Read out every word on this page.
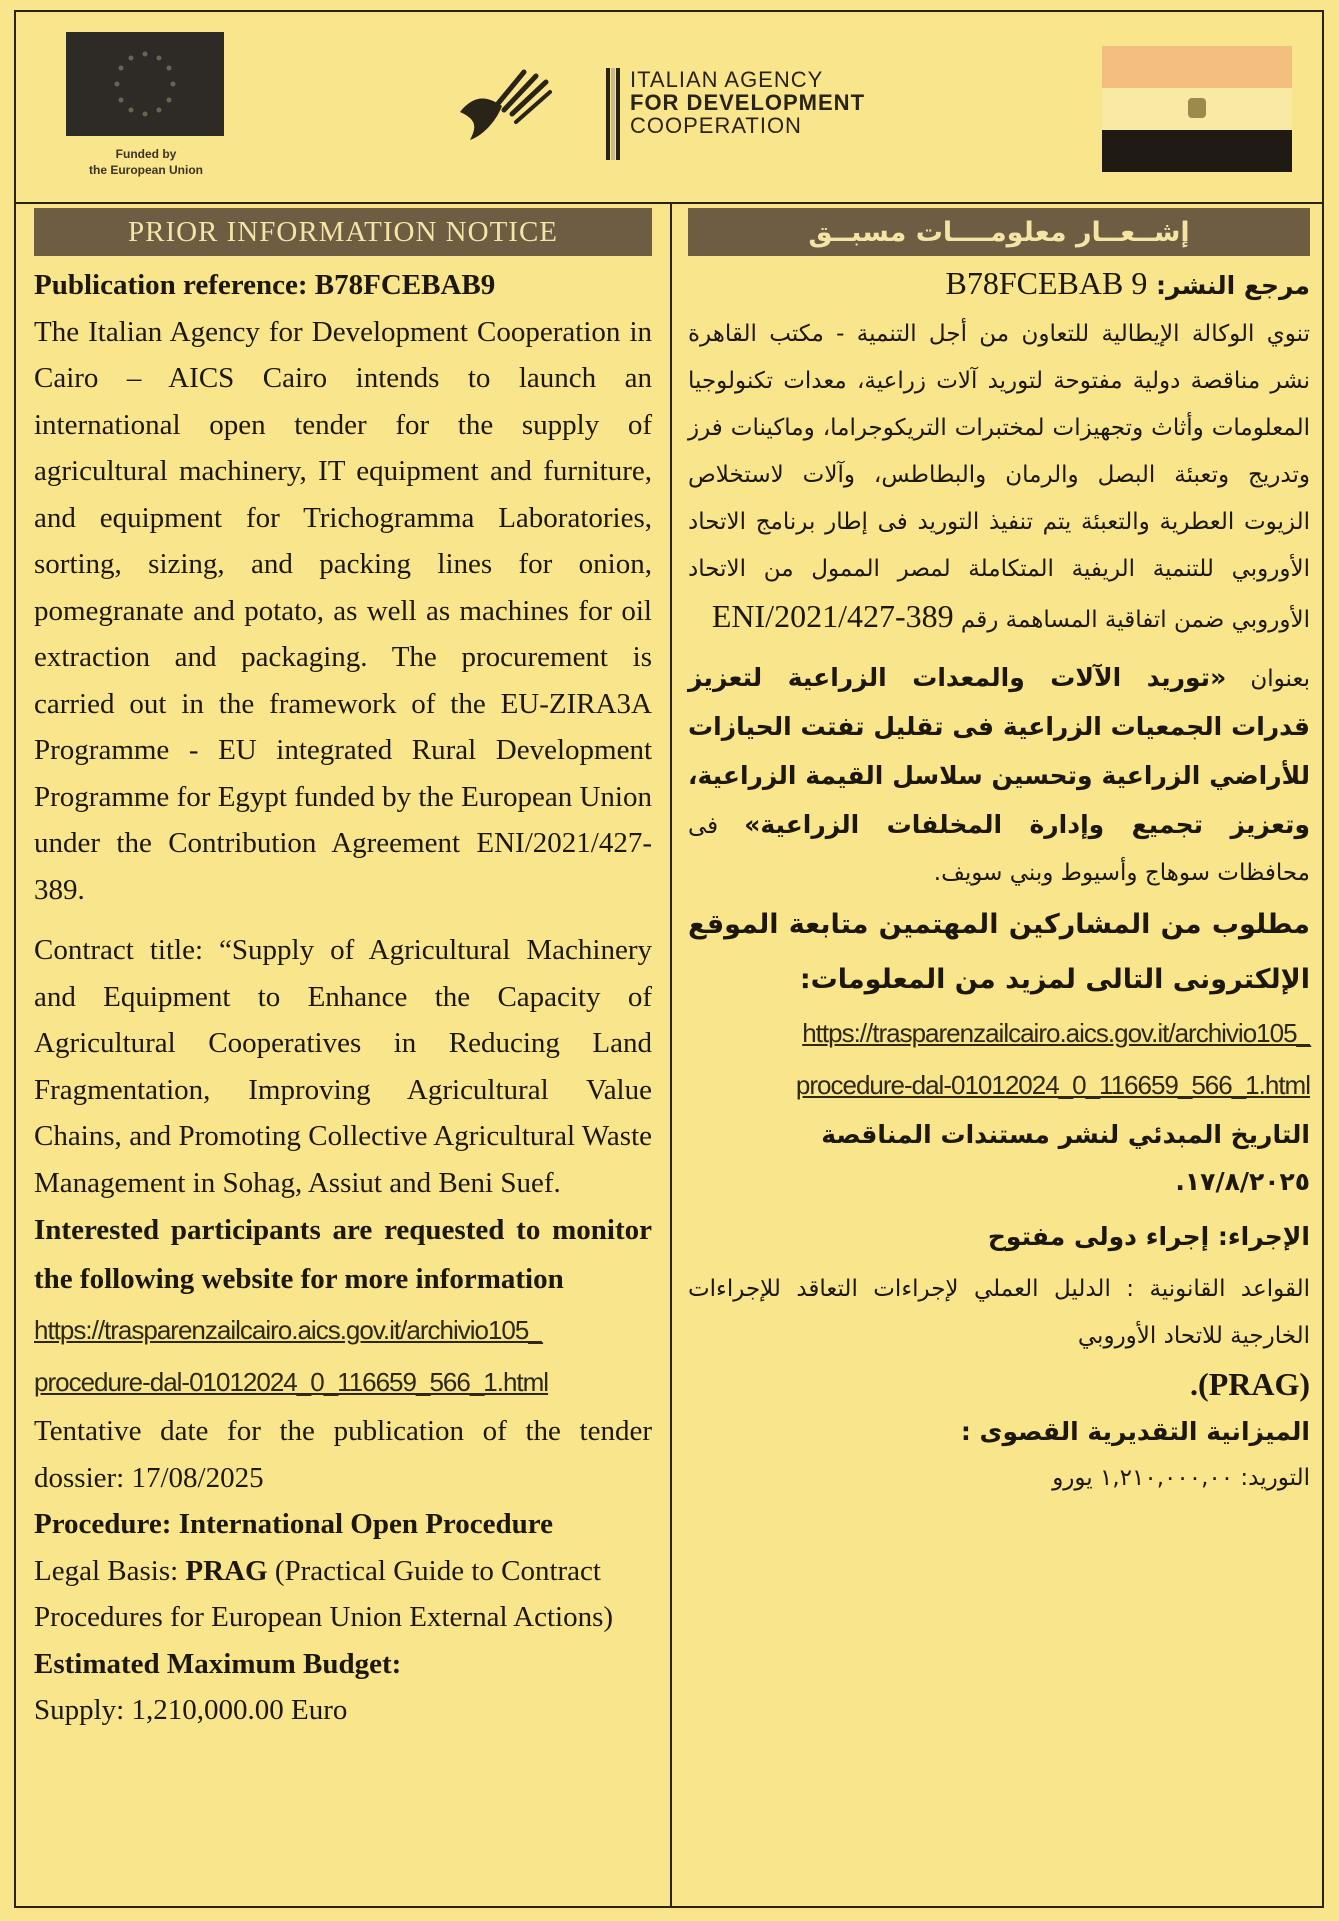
Funded by
the European Union
ITALIAN AGENCY
FOR DEVELOPMENT
COOPERATION
PRIOR INFORMATION NOTICE

Publication reference: B78FCEBAB9

The Italian Agency for Development Cooperation in Cairo – AICS Cairo intends to launch an international open tender for the supply of agricultural machinery, IT equipment and furniture, and equipment for Trichogramma Laboratories, sorting, sizing, and packing lines for onion, pomegranate and potato, as well as machines for oil extraction and packaging. The procurement is carried out in the framework of the EU-ZIRA3A Programme - EU integrated Rural Development Programme for Egypt funded by the European Union under the Contribution Agreement ENI/2021/427-389.

Contract title: “Supply of Agricultural Machinery and Equipment to Enhance the Capacity of Agricultural Cooperatives in Reducing Land Fragmentation, Improving Agricultural Value Chains, and Promoting Collective Agricultural Waste Management in Sohag, Assiut and Beni Suef.

Interested participants are requested to monitor the following website for more information

https://trasparenzailcairo.aics.gov.it/archivio105_
procedure-dal-01012024_0_116659_566_1.html

Tentative date for the publication of the tender dossier: 17/08/2025

Procedure: International Open Procedure

Legal Basis: PRAG (Practical Guide to Contract Procedures for European Union External Actions)

Estimated Maximum Budget:

Supply: 1,210,000.00 Euro

إشــعــار معلومــــات مسبــق

مرجع النشر: B78FCEBAB 9

تنوي الوكالة الإيطالية للتعاون من أجل التنمية - مكتب القاهرة نشر مناقصة دولية مفتوحة لتوريد آلات زراعية، معدات تكنولوجيا المعلومات وأثاث وتجهيزات لمختبرات التريكوجراما، وماكينات فرز وتدريج وتعبئة البصل والرمان والبطاطس، وآلات لاستخلاص الزيوت العطرية والتعبئة يتم تنفيذ التوريد فى إطار برنامج الاتحاد الأوروبي للتنمية الريفية المتكاملة لمصر الممول من الاتحاد الأوروبي ضمن اتفاقية المساهمة رقم ENI/2021/427-389

بعنوان «توريد الآلات والمعدات الزراعية لتعزيز قدرات الجمعيات الزراعية فى تقليل تفتت الحيازات للأراضي الزراعية وتحسين سلاسل القيمة الزراعية، وتعزيز تجميع وإدارة المخلفات الزراعية» فى محافظات سوهاج وأسيوط وبني سويف.

مطلوب من المشاركين المهتمين متابعة الموقع الإلكترونى التالى لمزيد من المعلومات:

https://trasparenzailcairo.aics.gov.it/archivio105_
procedure-dal-01012024_0_116659_566_1.html

التاريخ المبدئي لنشر مستندات المناقصة

١٧/٨/٢٠٢٥.

الإجراء: إجراء دولى مفتوح

القواعد القانونية : الدليل العملي لإجراءات التعاقد للإجراءات الخارجية للاتحاد الأوروبي

(PRAG).

الميزانية التقديرية القصوى :

التوريد: ١,٢١٠,٠٠٠,٠٠ يورو
